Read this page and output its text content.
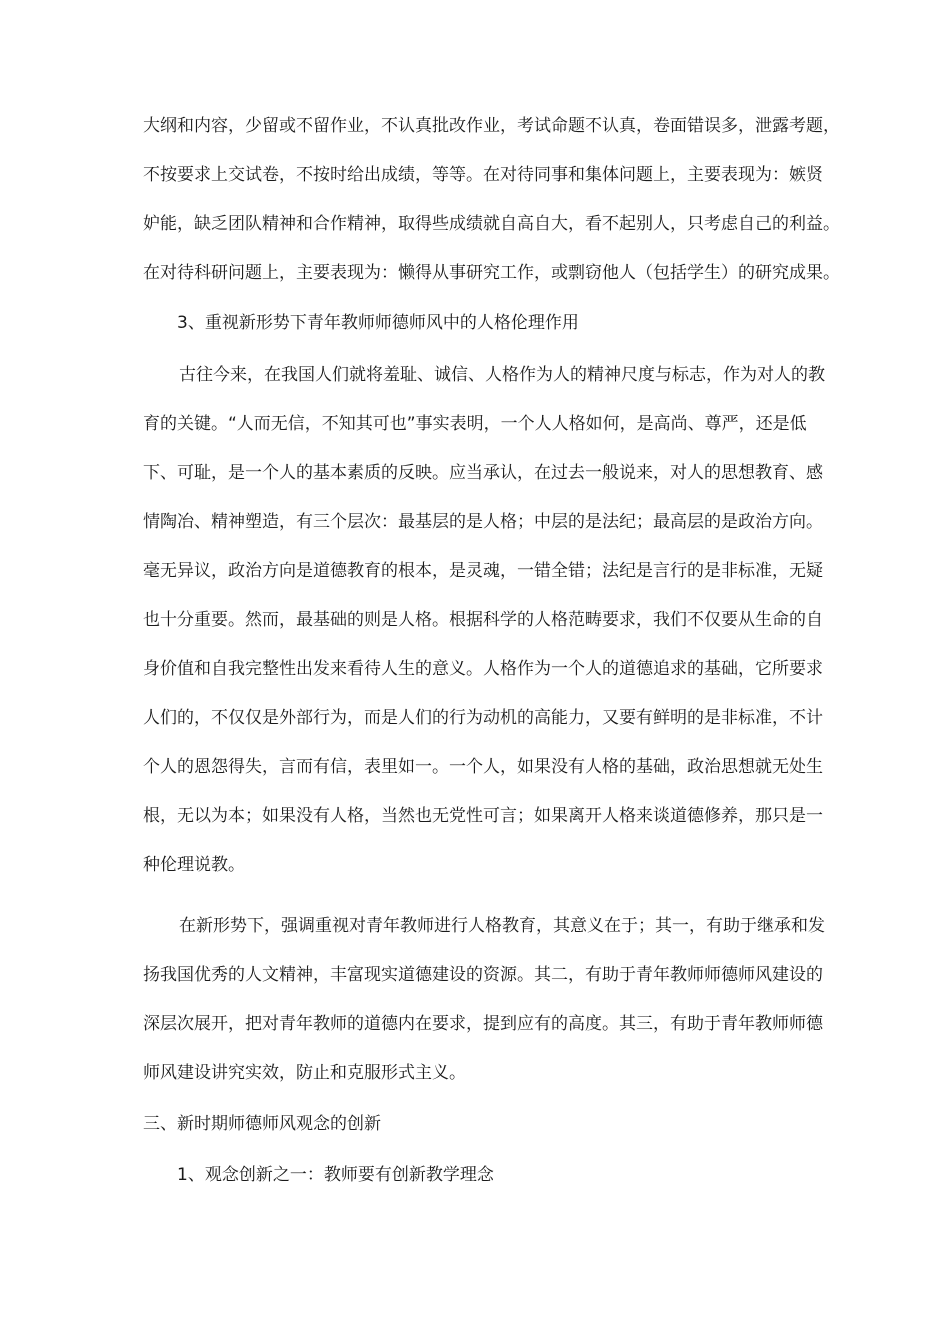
大纲和内容，少留或不留作业，不认真批改作业，考试命题不认真，卷面错误多，泄露考题，
不按要求上交试卷，不按时给出成绩，等等。在对待同事和集体问题上，主要表现为：嫉贤
妒能，缺乏团队精神和合作精神，取得些成绩就自高自大，看不起别人，只考虑自己的利益。
在对待科研问题上，主要表现为：懒得从事研究工作，或剽窃他人（包括学生）的研究成果。
3、重视新形势下青年教师师德师风中的人格伦理作用
古往今来，在我国人们就将羞耻、诚信、人格作为人的精神尺度与标志，作为对人的教
育的关键。“人而无信，不知其可也”事实表明，一个人人格如何，是高尚、尊严，还是低
下、可耻，是一个人的基本素质的反映。应当承认，在过去一般说来，对人的思想教育、感
情陶冶、精神塑造，有三个层次：最基层的是人格；中层的是法纪；最高层的是政治方向。
毫无异议，政治方向是道德教育的根本，是灵魂，一错全错；法纪是言行的是非标准，无疑
也十分重要。然而，最基础的则是人格。根据科学的人格范畴要求，我们不仅要从生命的自
身价值和自我完整性出发来看待人生的意义。人格作为一个人的道德追求的基础，它所要求
人们的，不仅仅是外部行为，而是人们的行为动机的高能力，又要有鲜明的是非标准，不计
个人的恩怨得失，言而有信，表里如一。一个人，如果没有人格的基础，政治思想就无处生
根，无以为本；如果没有人格，当然也无党性可言；如果离开人格来谈道德修养，那只是一
种伦理说教。
在新形势下，强调重视对青年教师进行人格教育，其意义在于；其一，有助于继承和发
扬我国优秀的人文精神，丰富现实道德建设的资源。其二，有助于青年教师师德师风建设的
深层次展开，把对青年教师的道德内在要求，提到应有的高度。其三，有助于青年教师师德
师风建设讲究实效，防止和克服形式主义。
三、新时期师德师风观念的创新
1、观念创新之一：教师要有创新教学理念
